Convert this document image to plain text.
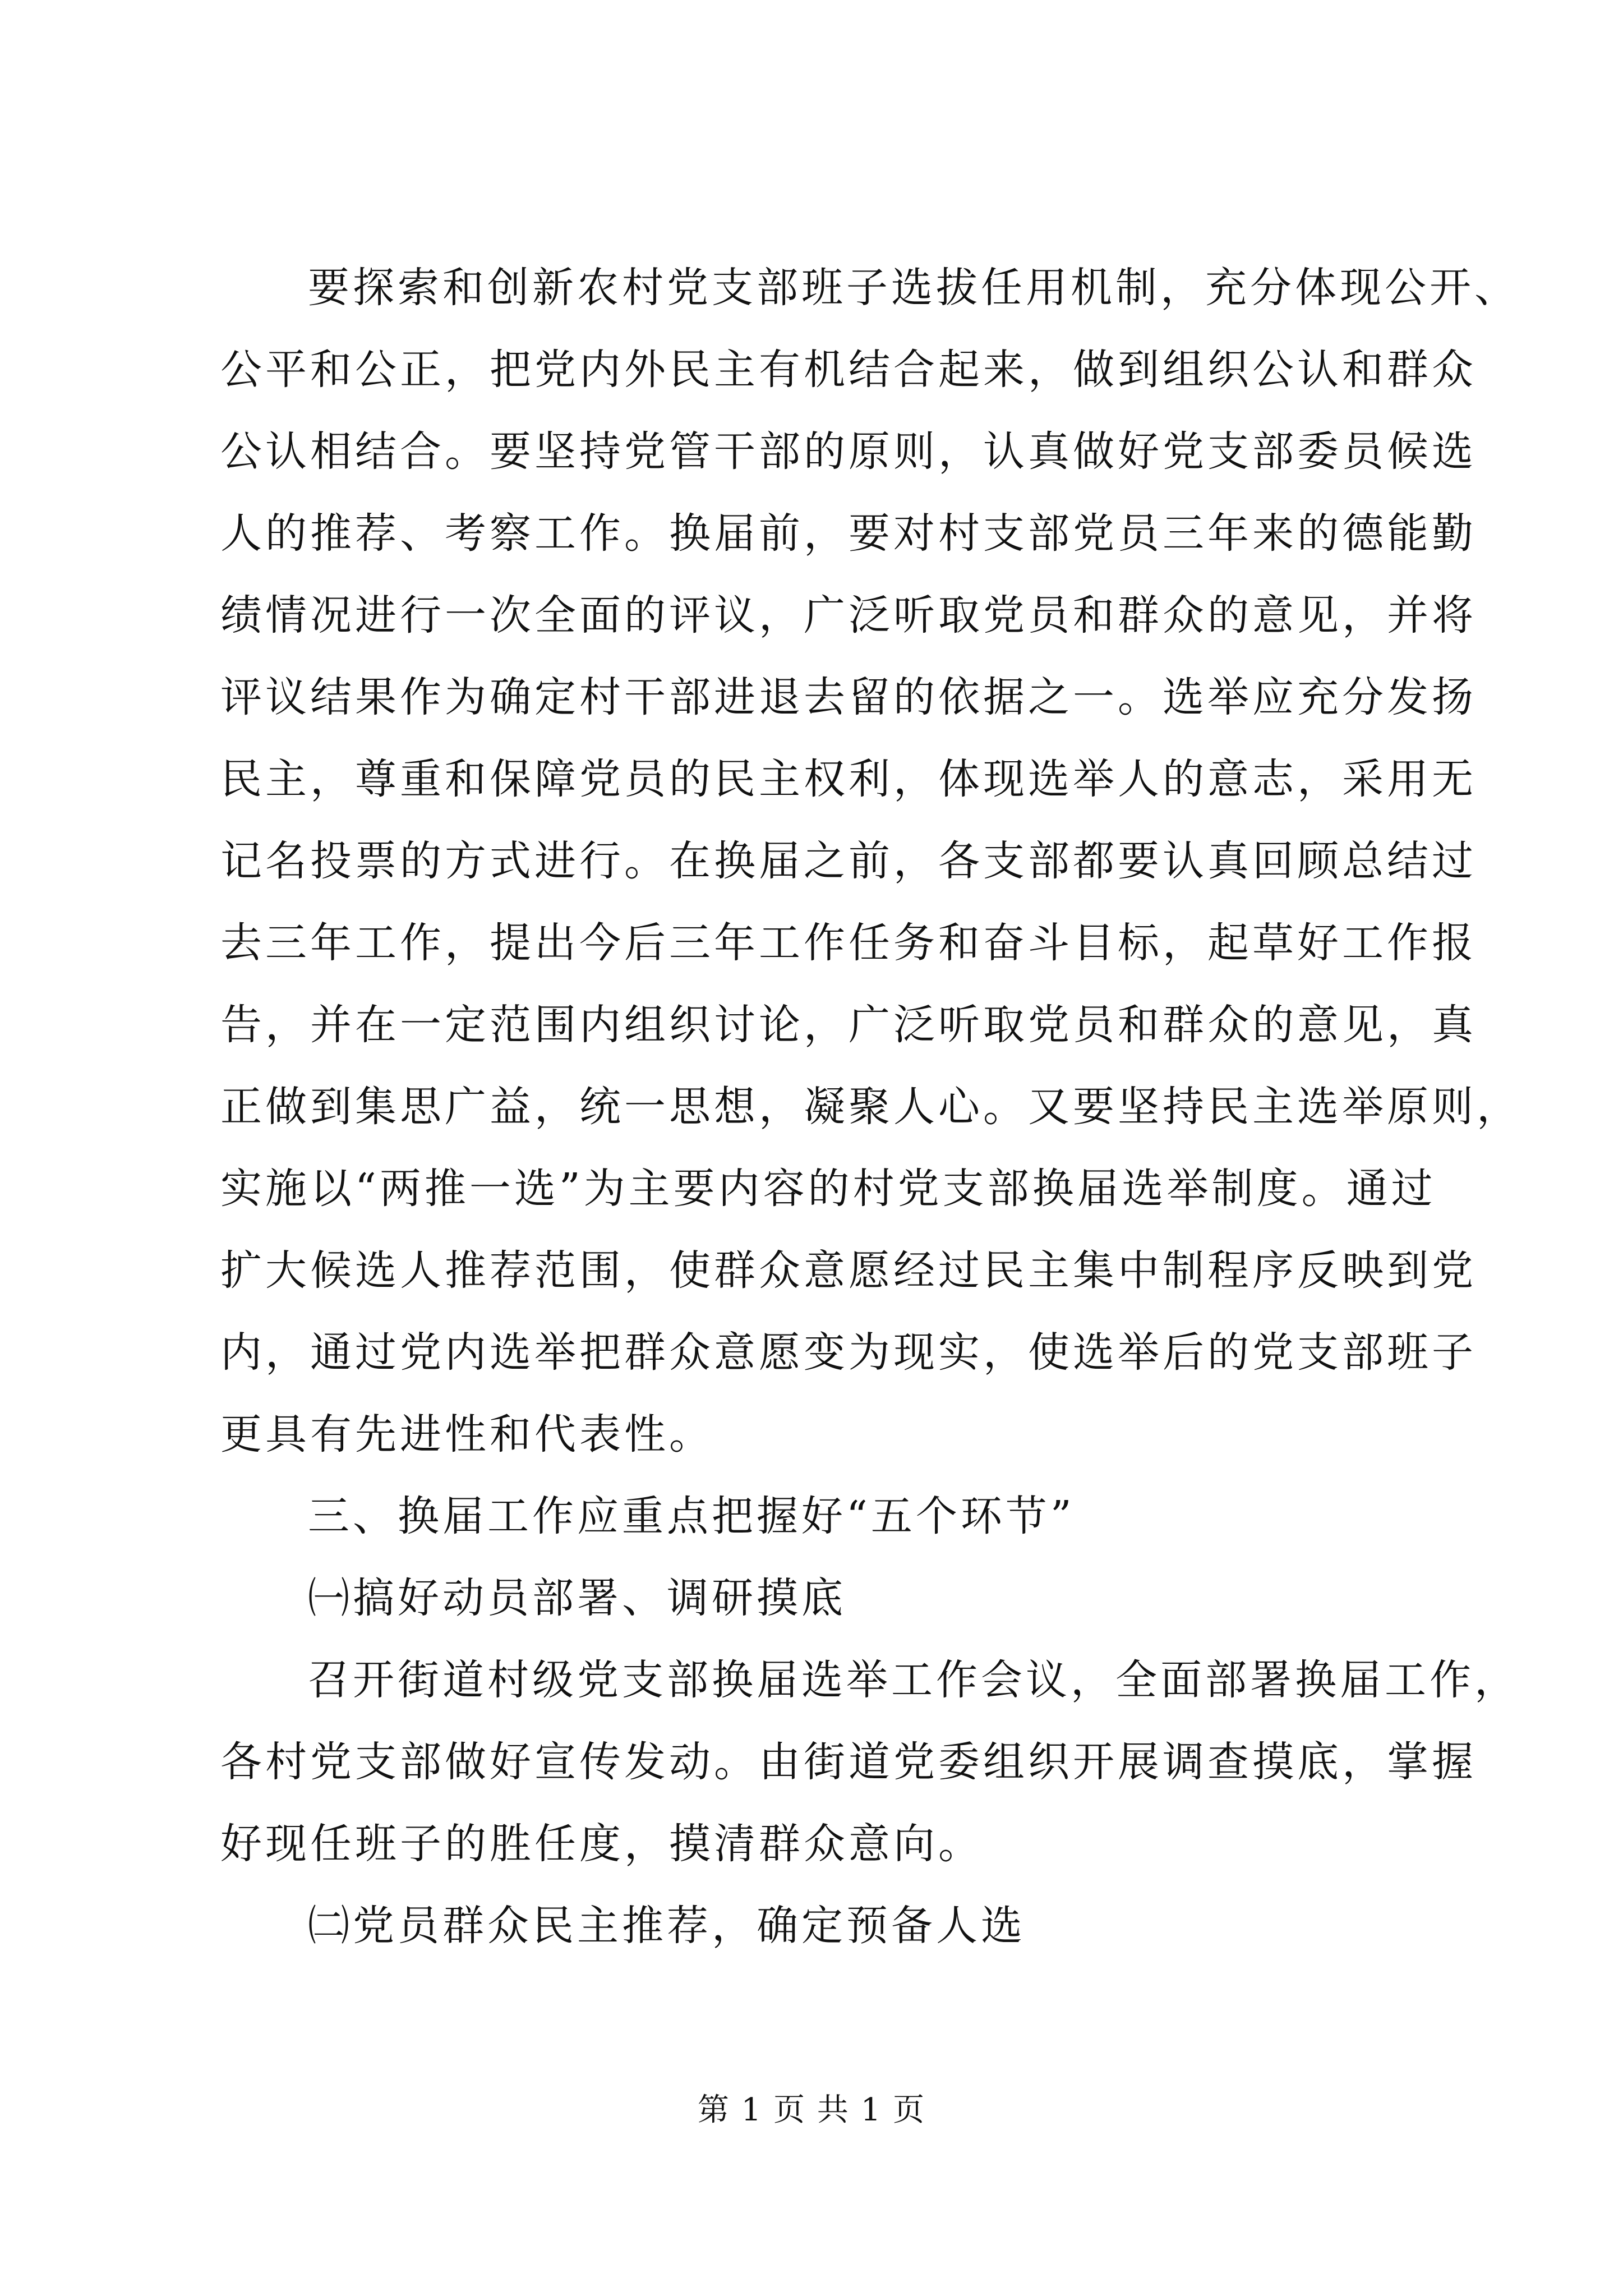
要探索和创新农村党支部班子选拔任用机制，充分体现公开、
公平和公正，把党内外民主有机结合起来，做到组织公认和群众
公认相结合。要坚持党管干部的原则，认真做好党支部委员候选
人的推荐、考察工作。换届前，要对村支部党员三年来的德能勤
绩情况进行一次全面的评议，广泛听取党员和群众的意见，并将
评议结果作为确定村干部进退去留的依据之一。选举应充分发扬
民主，尊重和保障党员的民主权利，体现选举人的意志，采用无
记名投票的方式进行。在换届之前，各支部都要认真回顾总结过
去三年工作，提出今后三年工作任务和奋斗目标，起草好工作报
告，并在一定范围内组织讨论，广泛听取党员和群众的意见，真
正做到集思广益，统一思想，凝聚人心。又要坚持民主选举原则，
实施以“两推一选”为主要内容的村党支部换届选举制度。通过
扩大候选人推荐范围，使群众意愿经过民主集中制程序反映到党
内，通过党内选举把群众意愿变为现实，使选举后的党支部班子
更具有先进性和代表性。
三、换届工作应重点把握好“五个环节”
㈠搞好动员部署、调研摸底
召开街道村级党支部换届选举工作会议，全面部署换届工作，
各村党支部做好宣传发动。由街道党委组织开展调查摸底，掌握
好现任班子的胜任度，摸清群众意向。
㈡党员群众民主推荐，确定预备人选
第 1 页 共 1 页
